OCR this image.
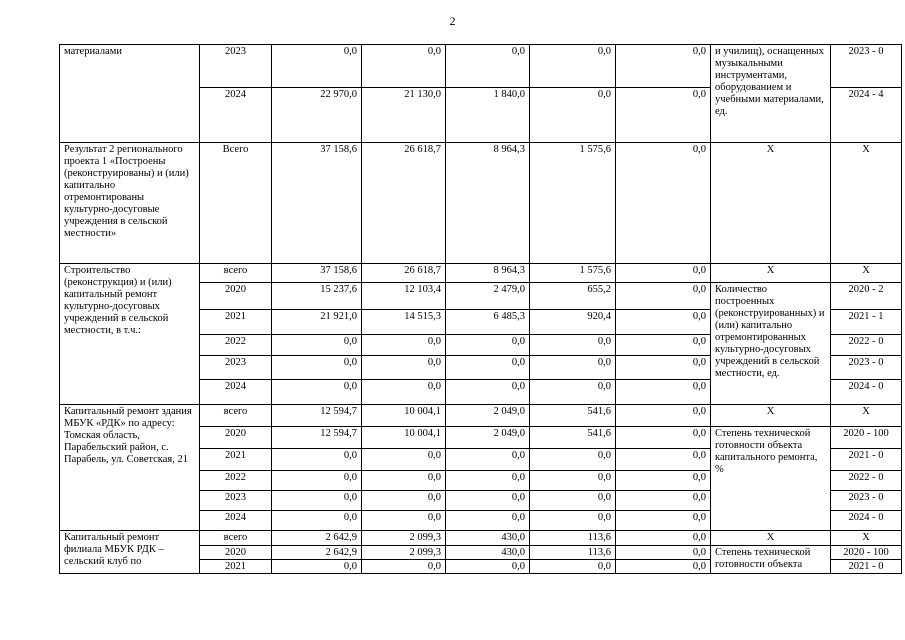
2
материалами	2023	0,0	0,0	0,0	0,0	0,0	и училищ), оснащенных музыкальными инструментами, оборудованием и учебными материалами, ед.	2023 - 0
	2024	22 970,0	21 130,0	1 840,0	0,0	0,0		2024 - 4
Результат 2 регионального проекта 1 «Построены (реконструированы) и (или) капитально отремонтированы культурно-досуговые учреждения в сельской местности»	Всего	37 158,6	26 618,7	8 964,3	1 575,6	0,0	Х	Х
Строительство (реконструкция) и (или) капитальный ремонт культурно-досуговых учреждений в сельской местности, в т.ч.:	всего	37 158,6	26 618,7	8 964,3	1 575,6	0,0	Х	Х
	2020	15 237,6	12 103,4	2 479,0	655,2	0,0	Количество построенных (реконструированных) и (или) капитально отремонтированных культурно-досуговых учреждений в сельской местности, ед.	2020 - 2
	2021	21 921,0	14 515,3	6 485,3	920,4	0,0		2021 - 1
	2022	0,0	0,0	0,0	0,0	0,0		2022 - 0
	2023	0,0	0,0	0,0	0,0	0,0		2023 - 0
	2024	0,0	0,0	0,0	0,0	0,0		2024 - 0
Капитальный ремонт здания МБУК «РДК» по адресу: Томская область, Парабельский район, с. Парабель, ул. Советская, 21	всего	12 594,7	10 004,1	2 049,0	541,6	0,0	Х	Х
	2020	12 594,7	10 004,1	2 049,0	541,6	0,0	Степень технической готовности объекта капитального ремонта, %	2020 - 100
	2021	0,0	0,0	0,0	0,0	0,0		2021 - 0
	2022	0,0	0,0	0,0	0,0	0,0		2022 - 0
	2023	0,0	0,0	0,0	0,0	0,0		2023 - 0
	2024	0,0	0,0	0,0	0,0	0,0		2024 - 0
Капитальный ремонт филиала МБУК РДК – сельский клуб по	всего	2 642,9	2 099,3	430,0	113,6	0,0	Х	Х
	2020	2 642,9	2 099,3	430,0	113,6	0,0	Степень технической готовности объекта	2020 - 100
	2021	0,0	0,0	0,0	0,0	0,0		2021 - 0
